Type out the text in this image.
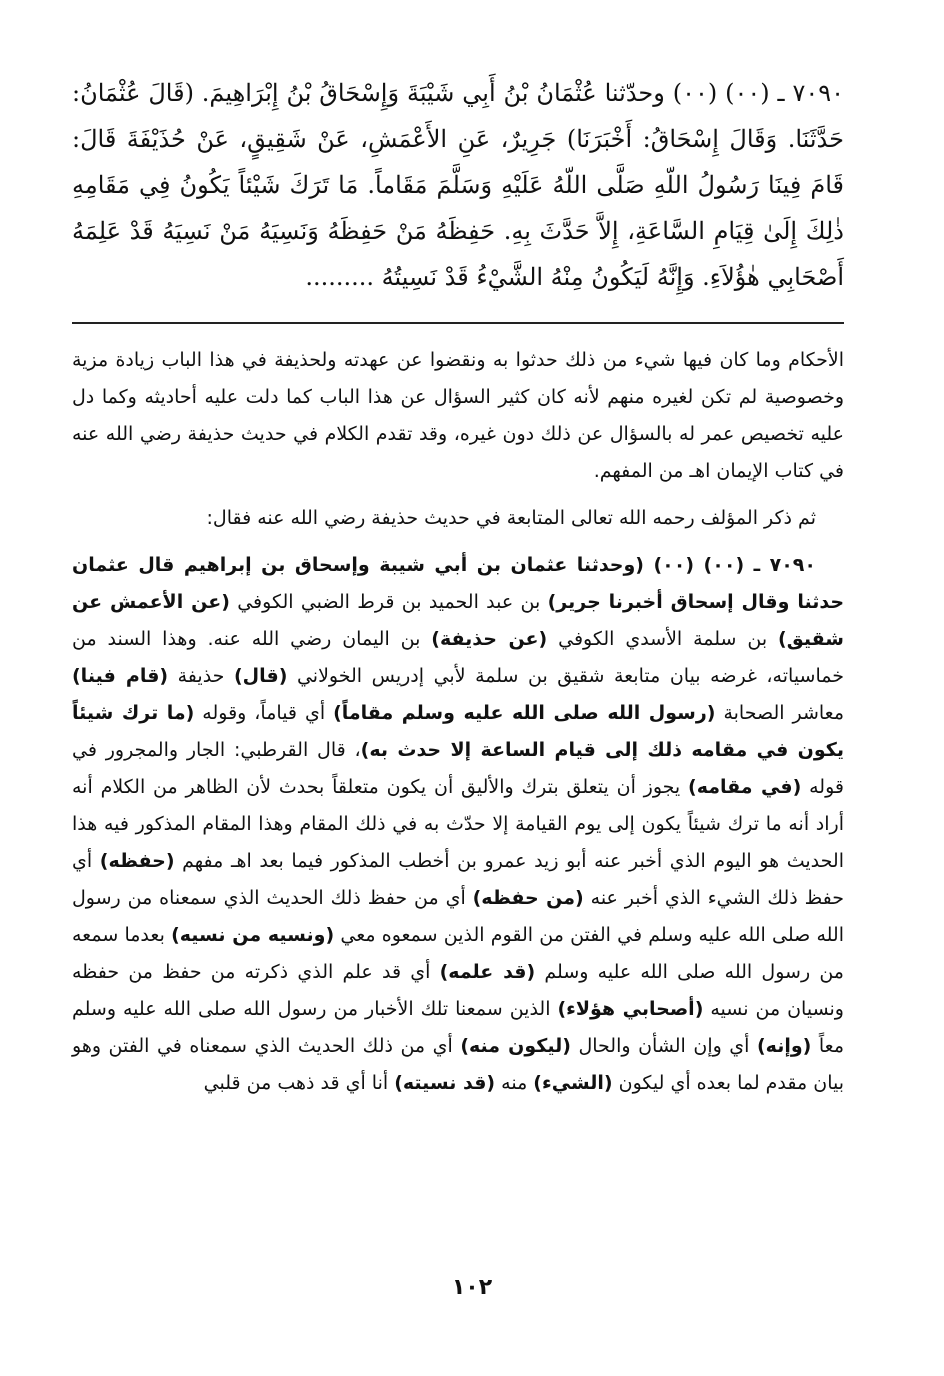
٧٠٩٠ ـ (٠٠) (٠٠) وحدّثنا عُثْمَانُ بْنُ أَبِي شَيْبَةَ وَإِسْحَاقُ بْنُ إِبْرَاهِيمَ. (قَالَ عُثْمَانُ: حَدَّثَنَا. وَقَالَ إِسْحَاقُ: أَخْبَرَنَا) جَرِيرٌ، عَنِ الأَعْمَشِ، عَنْ شَقِيقٍ، عَنْ حُذَيْفَةَ قَالَ: قَامَ فِينَا رَسُولُ اللّهِ صَلَّى اللّهُ عَلَيْهِ وَسَلَّمَ مَقَاماً. مَا تَرَكَ شَيْئاً يَكُونُ فِي مَقَامِهِ ذٰلِكَ إِلَىٰ قِيَامِ السَّاعَةِ، إِلاَّ حَدَّثَ بِهِ. حَفِظَهُ مَنْ حَفِظَهُ وَنَسِيَهُ مَنْ نَسِيَهُ قَدْ عَلِمَهُ أَصْحَابِي هٰؤُلاَءِ. وَإِنَّهُ لَيَكُونُ مِنْهُ الشَّيْءُ قَدْ نَسِيتُهُ .........

الأحكام وما كان فيها شيء من ذلك حدثوا به ونقضوا عن عهدته ولحذيفة في هذا الباب زيادة مزية وخصوصية لم تكن لغيره منهم لأنه كان كثير السؤال عن هذا الباب كما دلت عليه أحاديثه وكما دل عليه تخصيص عمر له بالسؤال عن ذلك دون غيره، وقد تقدم الكلام في حديث حذيفة رضي الله عنه في كتاب الإيمان اهـ من المفهم.

ثم ذكر المؤلف رحمه الله تعالى المتابعة في حديث حذيفة رضي الله عنه فقال:

٧٠٩٠ ـ (٠٠) (٠٠) (وحدثنا عثمان بن أبي شيبة وإسحاق بن إبراهيم قال عثمان حدثنا وقال إسحاق أخبرنا جرير) بن عبد الحميد بن قرط الضبي الكوفي (عن الأعمش عن شقيق) بن سلمة الأسدي الكوفي (عن حذيفة) بن اليمان رضي الله عنه. وهذا السند من خماسياته، غرضه بيان متابعة شقيق بن سلمة لأبي إدريس الخولاني (قال) حذيفة (قام فينا) معاشر الصحابة (رسول الله صلى الله عليه وسلم مقاماً) أي قياماً، وقوله (ما ترك شيئاً يكون في مقامه ذلك إلى قيام الساعة إلا حدث به)، قال القرطبي: الجار والمجرور في قوله (في مقامه) يجوز أن يتعلق بترك والأليق أن يكون متعلقاً بحدث لأن الظاهر من الكلام أنه أراد أنه ما ترك شيئاً يكون إلى يوم القيامة إلا حدّث به في ذلك المقام وهذا المقام المذكور فيه هذا الحديث هو اليوم الذي أخبر عنه أبو زيد عمرو بن أخطب المذكور فيما بعد اهـ مفهم (حفظه) أي حفظ ذلك الشيء الذي أخبر عنه (من حفظه) أي من حفظ ذلك الحديث الذي سمعناه من رسول الله صلى الله عليه وسلم في الفتن من القوم الذين سمعوه معي (ونسيه من نسيه) بعدما سمعه من رسول الله صلى الله عليه وسلم (قد علمه) أي قد علم الذي ذكرته من حفظ من حفظه ونسيان من نسيه (أصحابي هؤلاء) الذين سمعنا تلك الأخبار من رسول الله صلى الله عليه وسلم معاً (وإنه) أي وإن الشأن والحال (ليكون منه) أي من ذلك الحديث الذي سمعناه في الفتن وهو بيان مقدم لما بعده أي ليكون (الشيء) منه (قد نسيته) أنا أي قد ذهب من قلبي

١٠٢
